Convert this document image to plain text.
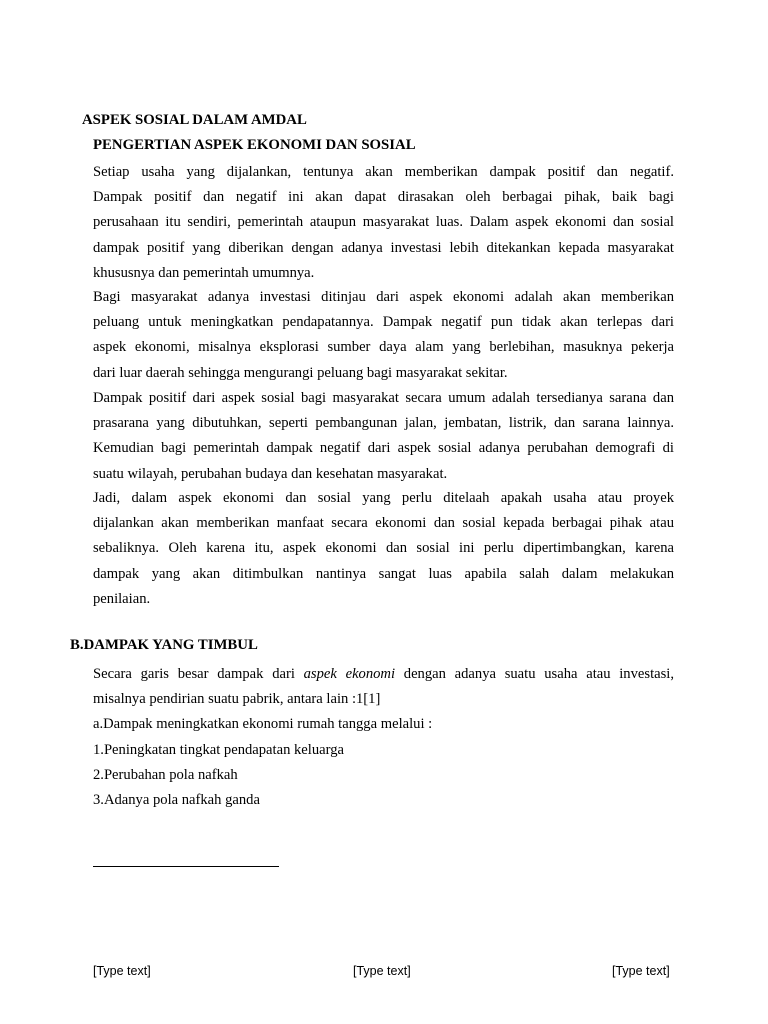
ASPEK SOSIAL DALAM AMDAL
PENGERTIAN ASPEK EKONOMI DAN SOSIAL
Setiap usaha yang dijalankan, tentunya akan memberikan dampak positif dan negatif.
Dampak positif dan negatif ini akan dapat dirasakan oleh berbagai pihak, baik bagi
perusahaan itu sendiri, pemerintah ataupun masyarakat luas. Dalam aspek ekonomi dan sosial
dampak positif yang diberikan dengan adanya investasi lebih ditekankan kepada masyarakat
khususnya dan pemerintah umumnya.
Bagi masyarakat adanya investasi ditinjau dari aspek ekonomi adalah akan memberikan
peluang untuk meningkatkan pendapatannya. Dampak negatif pun tidak akan terlepas dari
aspek ekonomi, misalnya eksplorasi sumber daya alam yang berlebihan, masuknya pekerja
dari luar daerah sehingga mengurangi peluang bagi masyarakat sekitar.
Dampak positif dari aspek sosial bagi masyarakat secara umum adalah tersedianya sarana dan
prasarana yang dibutuhkan, seperti pembangunan jalan, jembatan, listrik, dan sarana lainnya.
Kemudian bagi pemerintah dampak negatif dari aspek sosial adanya perubahan demografi di
suatu wilayah, perubahan budaya dan kesehatan masyarakat.
Jadi, dalam aspek ekonomi dan sosial yang perlu ditelaah apakah usaha atau proyek
dijalankan akan memberikan manfaat secara ekonomi dan sosial kepada berbagai pihak atau
sebaliknya. Oleh karena itu, aspek ekonomi dan sosial ini perlu dipertimbangkan, karena
dampak yang akan ditimbulkan nantinya sangat luas apabila salah dalam melakukan
penilaian.
B.DAMPAK YANG TIMBUL
Secara garis besar dampak dari aspek ekonomi dengan adanya suatu usaha atau investasi,
misalnya pendirian suatu pabrik, antara lain :1[1]
a.Dampak meningkatkan ekonomi rumah tangga melalui :
1.Peningkatan tingkat pendapatan keluarga
2.Perubahan pola nafkah
3.Adanya pola nafkah ganda
[Type text]	[Type text]	[Type text]
